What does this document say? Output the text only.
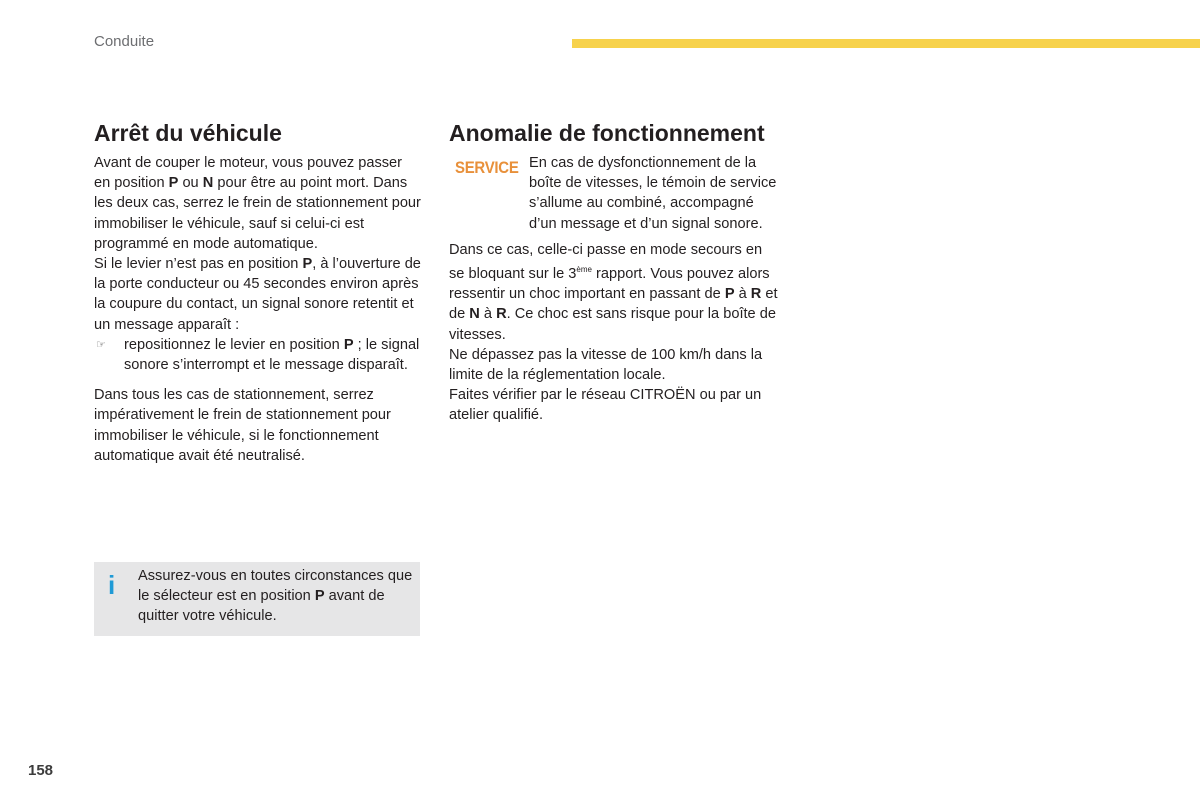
Conduite
Arrêt du véhicule

Avant de couper le moteur, vous pouvez passer en position P ou N pour être au point mort. Dans les deux cas, serrez le frein de stationnement pour immobiliser le véhicule, sauf si celui-ci est programmé en mode automatique.

Si le levier n’est pas en position P, à l’ouverture de la porte conducteur ou 45 secondes environ après la coupure du contact, un signal sonore retentit et un message apparaît :

☞	repositionnez le levier en position P ; le signal sonore s’interrompt et le message disparaît.

Dans tous les cas de stationnement, serrez impérativement le frein de stationnement pour immobiliser le véhicule, si le fonctionnement automatique avait été neutralisé.

i Assurez-vous en toutes circonstances que le sélecteur est en position P avant de quitter votre véhicule.

Anomalie de fonctionnement
SERVICE En cas de dysfonctionnement de la boîte de vitesses, le témoin de service s’allume au combiné, accompagné d’un message et d’un signal sonore.

Dans ce cas, celle-ci passe en mode secours en se bloquant sur le 3ème rapport. Vous pouvez alors ressentir un choc important en passant de P à R et de N à R. Ce choc est sans risque pour la boîte de vitesses.

Ne dépassez pas la vitesse de 100 km/h dans la limite de la réglementation locale.

Faites vérifier par le réseau CITROËN ou par un atelier qualifié.

158
